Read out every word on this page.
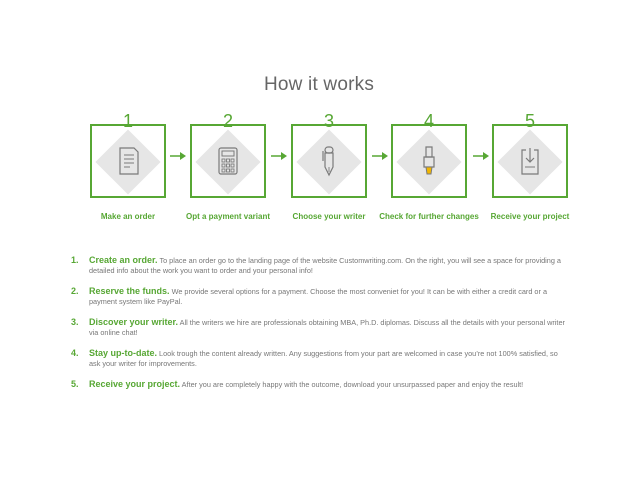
How it works
1
Make an order
2
Opt a payment variant
3
Choose your writer
4
Check for further changes
5
Receive your project
1. Create an order. To place an order go to the landing page of the website Customwriting.com. On the right, you will see a space for providing a detailed info about the work you want to order and your personal info!
2. Reserve the funds. We provide several options for a payment. Choose the most conveniet for you! It can be with either a credit card or a payment system like PayPal.
3. Discover your writer. All the writers we hire are professionals obtaining MBA, Ph.D. diplomas. Discuss all the details with your personal writer via online chat!
4. Stay up-to-date. Look trough the content already written. Any suggestions from your part are welcomed in case you’re not 100% satisfied, so ask your writer for improvements.
5. Receive your project. After you are completely happy with the outcome, download your unsurpassed paper and enjoy the result!
